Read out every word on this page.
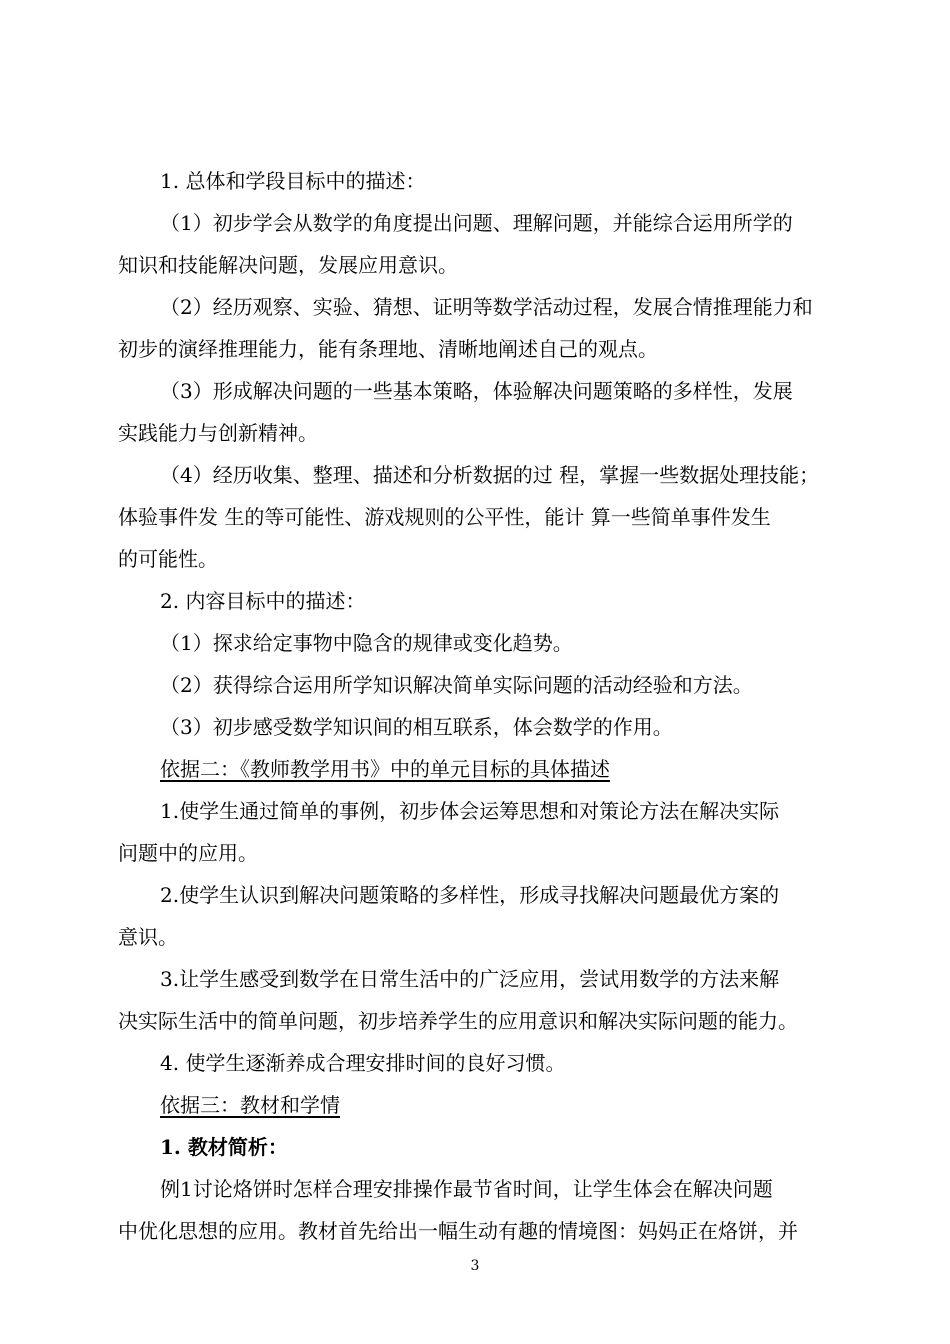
1. 总体和学段目标中的描述：
（1）初步学会从数学的角度提出问题、理解问题，并能综合运用所学的
知识和技能解决问题，发展应用意识。
（2）经历观察、实验、猜想、证明等数学活动过程，发展合情推理能力和
初步的演绎推理能力，能有条理地、清晰地阐述自己的观点。
（3）形成解决问题的一些基本策略，体验解决问题策略的多样性，发展
实践能力与创新精神。
（4）经历收集、整理、描述和分析数据的过 程，掌握一些数据处理技能；
体验事件发 生的等可能性、游戏规则的公平性，能计 算一些简单事件发生
的可能性。
2. 内容目标中的描述：
（1）探求给定事物中隐含的规律或变化趋势。
（2）获得综合运用所学知识解决简单实际问题的活动经验和方法。
（3）初步感受数学知识间的相互联系，体会数学的作用。
依据二：《教师教学用书》中的单元目标的具体描述
1.使学生通过简单的事例，初步体会运筹思想和对策论方法在解决实际
问题中的应用。
2.使学生认识到解决问题策略的多样性，形成寻找解决问题最优方案的
意识。
3.让学生感受到数学在日常生活中的广泛应用，尝试用数学的方法来解
决实际生活中的简单问题，初步培养学生的应用意识和解决实际问题的能力。
4. 使学生逐渐养成合理安排时间的良好习惯。
依据三：教材和学情
1. 教材简析：
例1讨论烙饼时怎样合理安排操作最节省时间，让学生体会在解决问题
中优化思想的应用。教材首先给出一幅生动有趣的情境图：妈妈正在烙饼，并
3
